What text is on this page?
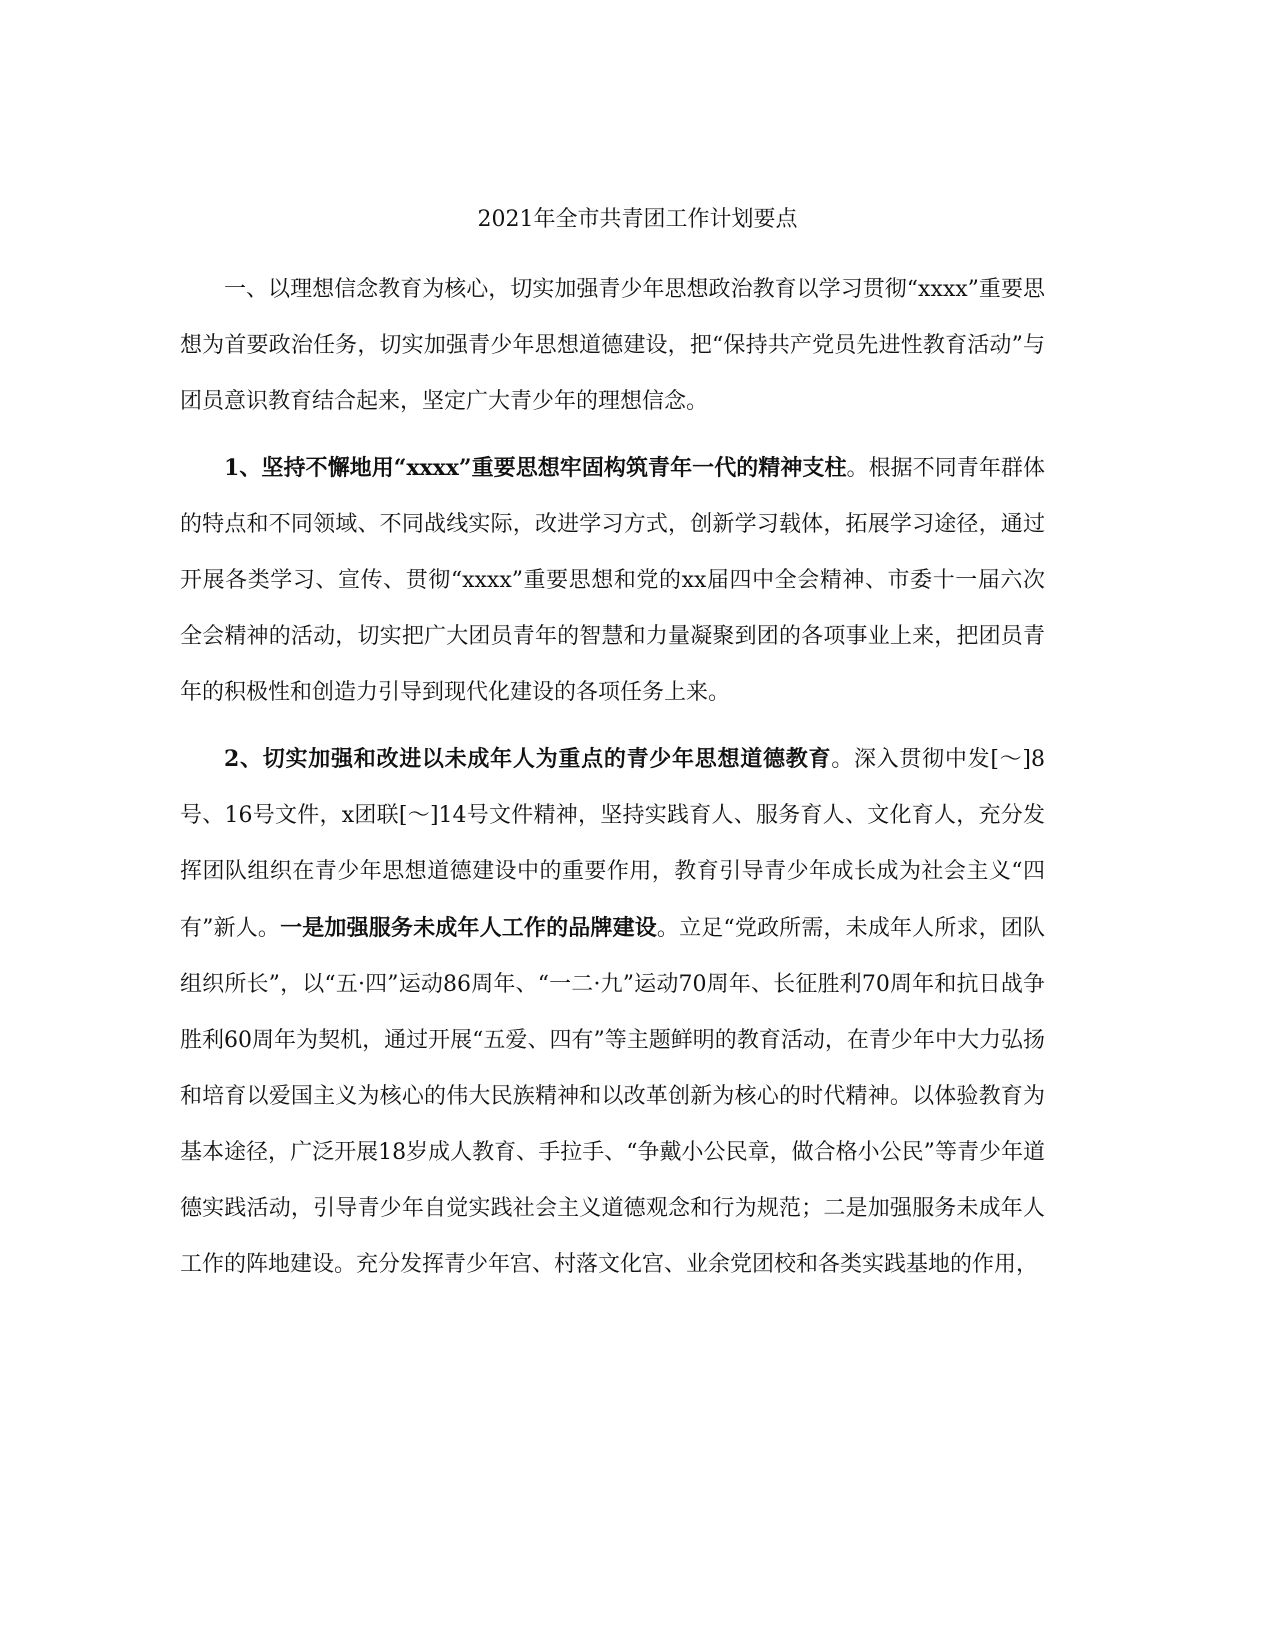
2021年全市共青团工作计划要点

一、以理想信念教育为核心，切实加强青少年思想政治教育以学习贯彻“xxxx”重要思想为首要政治任务，切实加强青少年思想道德建设，把“保持共产党员先进性教育活动”与团员意识教育结合起来，坚定广大青少年的理想信念。

1、坚持不懈地用“xxxx”重要思想牢固构筑青年一代的精神支柱。根据不同青年群体的特点和不同领域、不同战线实际，改进学习方式，创新学习载体，拓展学习途径，通过开展各类学习、宣传、贯彻“xxxx”重要思想和党的xx届四中全会精神、市委十一届六次全会精神的活动，切实把广大团员青年的智慧和力量凝聚到团的各项事业上来，把团员青年的积极性和创造力引导到现代化建设的各项任务上来。

2、切实加强和改进以未成年人为重点的青少年思想道德教育。深入贯彻中发[～]8号、16号文件，x团联[～]14号文件精神，坚持实践育人、服务育人、文化育人，充分发挥团队组织在青少年思想道德建设中的重要作用，教育引导青少年成长成为社会主义“四有”新人。一是加强服务未成年人工作的品牌建设。立足“党政所需，未成年人所求，团队组织所长”，以“五·四”运动86周年、“一二·九”运动70周年、长征胜利70周年和抗日战争胜利60周年为契机，通过开展“五爱、四有”等主题鲜明的教育活动，在青少年中大力弘扬和培育以爱国主义为核心的伟大民族精神和以改革创新为核心的时代精神。以体验教育为基本途径，广泛开展18岁成人教育、手拉手、“争戴小公民章，做合格小公民”等青少年道德实践活动，引导青少年自觉实践社会主义道德观念和行为规范；二是加强服务未成年人工作的阵地建设。充分发挥青少年宫、村落文化宫、业余党团校和各类实践基地的作用，
